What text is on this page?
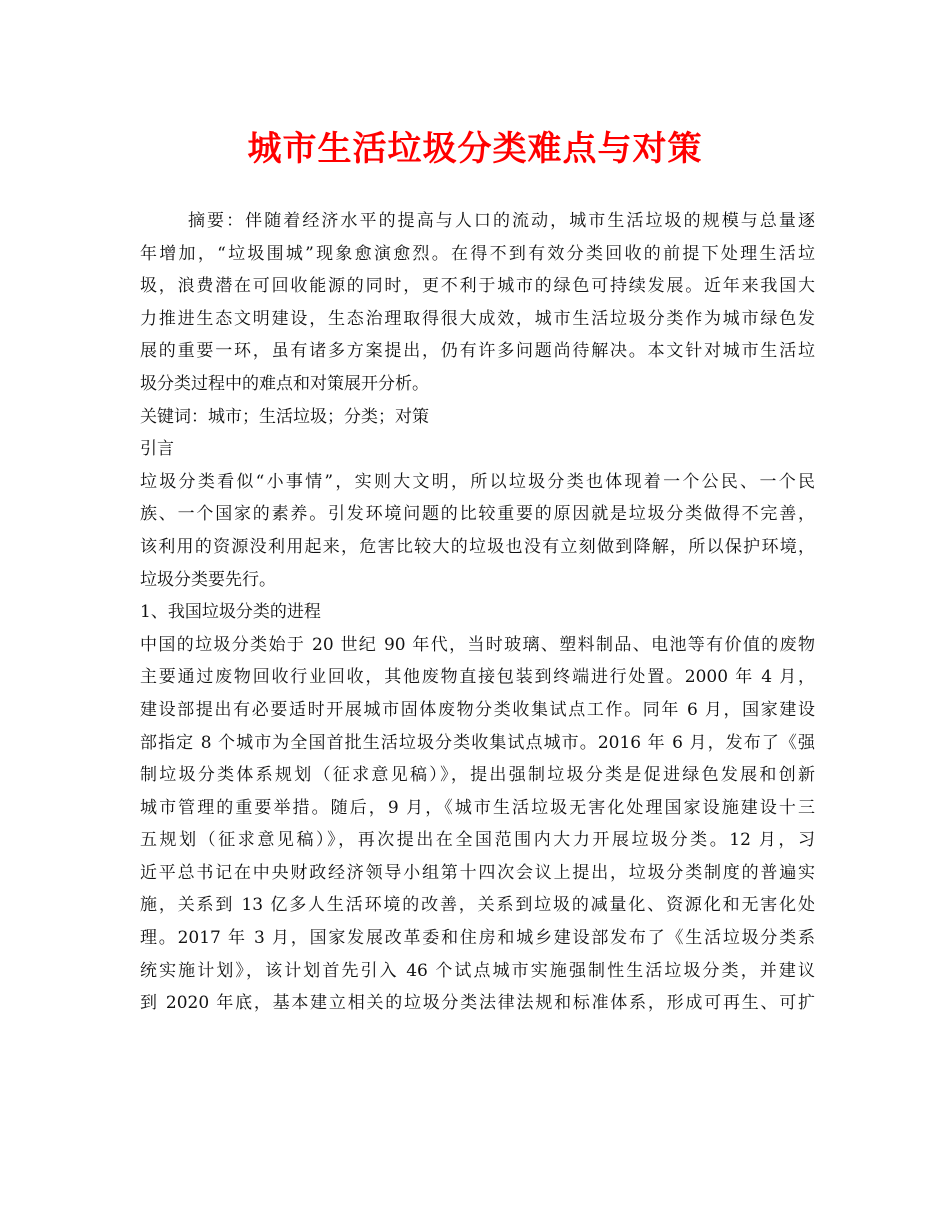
城市生活垃圾分类难点与对策
摘要：伴随着经济水平的提高与人口的流动，城市生活垃圾的规模与总量逐
年增加，“垃圾围城”现象愈演愈烈。在得不到有效分类回收的前提下处理生活垃
圾，浪费潜在可回收能源的同时，更不利于城市的绿色可持续发展。近年来我国大
力推进生态文明建设，生态治理取得很大成效，城市生活垃圾分类作为城市绿色发
展的重要一环，虽有诸多方案提出，仍有许多问题尚待解决。本文针对城市生活垃
圾分类过程中的难点和对策展开分析。
关键词：城市；生活垃圾；分类；对策
引言
垃圾分类看似“小事情”，实则大文明，所以垃圾分类也体现着一个公民、一个民
族、一个国家的素养。引发环境问题的比较重要的原因就是垃圾分类做得不完善，
该利用的资源没利用起来，危害比较大的垃圾也没有立刻做到降解，所以保护环境，
垃圾分类要先行。
1、我国垃圾分类的进程
中国的垃圾分类始于 20 世纪 90 年代，当时玻璃、塑料制品、电池等有价值的废物
主要通过废物回收行业回收，其他废物直接包装到终端进行处置。2000 年 4 月，
建设部提出有必要适时开展城市固体废物分类收集试点工作。同年 6 月，国家建设
部指定 8 个城市为全国首批生活垃圾分类收集试点城市。2016 年 6 月，发布了《强
制垃圾分类体系规划（征求意见稿）》，提出强制垃圾分类是促进绿色发展和创新
城市管理的重要举措。随后，9 月，《城市生活垃圾无害化处理国家设施建设十三
五规划（征求意见稿）》，再次提出在全国范围内大力开展垃圾分类。12 月，习
近平总书记在中央财政经济领导小组第十四次会议上提出，垃圾分类制度的普遍实
施，关系到 13 亿多人生活环境的改善，关系到垃圾的减量化、资源化和无害化处
理。2017 年 3 月，国家发展改革委和住房和城乡建设部发布了《生活垃圾分类系
统实施计划》，该计划首先引入 46 个试点城市实施强制性生活垃圾分类，并建议
到 2020 年底，基本建立相关的垃圾分类法律法规和标准体系，形成可再生、可扩
